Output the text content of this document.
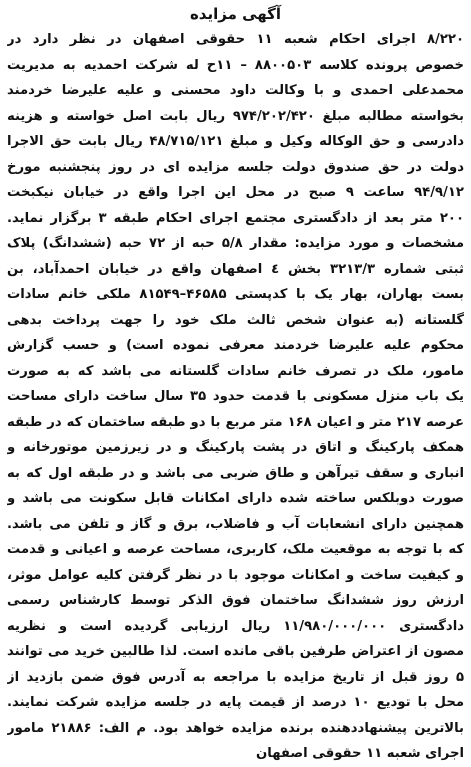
آگهی مزایده
۸/۲۲۰ اجرای احکام شعبه ۱۱ حقوقی اصفهان در نظر دارد در
خصوص پرونده کلاسه ۸۸۰۰۵۰۳ – ۱۱ح له شرکت احمدیه به مدیریت
محمدعلی احمدی و با وکالت داود محسنی و علیه علیرضا خردمند
بخواسته مطالبه مبلغ ۹۷۴/۲۰۲/۴۲۰ ریال بابت اصل خواسته و هزینه
دادرسی و حق الوکاله وکیل و مبلغ ۴۸/۷۱۵/۱۲۱ ریال بابت حق الاجرا
دولت در حق صندوق دولت جلسه مزایده ای در روز پنجشنبه مورخ
۹۴/۹/۱۲ ساعت ۹ صبح در محل این اجرا واقع در خیابان نیکبخت
۲۰۰ متر بعد از دادگستری مجتمع اجرای احکام طبقه ۳ برگزار نماید.
مشخصات و مورد مزایده: مقدار ۵/۸ حبه از ۷۲ حبه (ششدانگ) پلاک
ثبتی شماره ۳۲۱۳/۳ بخش ٤ اصفهان واقع در خیابان احمدآباد، بن
بست بهاران، بهار یک با کدپستی ۴۶۵۸۵–۸۱۵۴۹ ملکی خانم سادات
گلستانه (به عنوان شخص ثالث ملک خود را جهت پرداخت بدهی
محکوم علیه علیرضا خردمند معرفی نموده است) و حسب گزارش
مامور، ملک در تصرف خانم سادات گلستانه می باشد که به صورت
یک باب منزل مسکونی با قدمت حدود ۳۵ سال ساخت دارای مساحت
عرصه ۲۱۷ متر و اعیان ۱۶۸ متر مربع با دو طبقه ساختمان که در طبقه
همکف پارکینگ و اتاق در پشت پارکینگ و در زیرزمین موتورخانه و
انباری و سقف تیرآهن و طاق ضربی می باشد و در طبقه اول که به
صورت دوبلکس ساخته شده دارای امکانات قابل سکونت می باشد و
همچنین دارای انشعابات آب و فاضلاب، برق و گاز و تلفن می باشد.
که با توجه به موقعیت ملک، کاربری، مساحت عرصه و اعیانی و قدمت
و کیفیت ساخت و امکانات موجود با در نظر گرفتن کلیه عوامل موثر،
ارزش روز ششدانگ ساختمان فوق الذکر توسط کارشناس رسمی
دادگستری ۱۱/۹۸۰/۰۰۰/۰۰۰ ریال ارزیابی گردیده است و نظریه
مصون از اعتراض طرفین باقی مانده است. لذا طالبین خرید می توانند
۵ روز قبل از تاریخ مزایده با مراجعه به آدرس فوق ضمن بازدید از
محل با تودیع ۱۰ درصد از قیمت پایه در جلسه مزایده شرکت نمایند.
بالاترین پیشنهاددهنده برنده مزایده خواهد بود. م الف: ۲۱۸۸۶ مامور
اجرای شعبه ۱۱ حقوقی اصفهان
